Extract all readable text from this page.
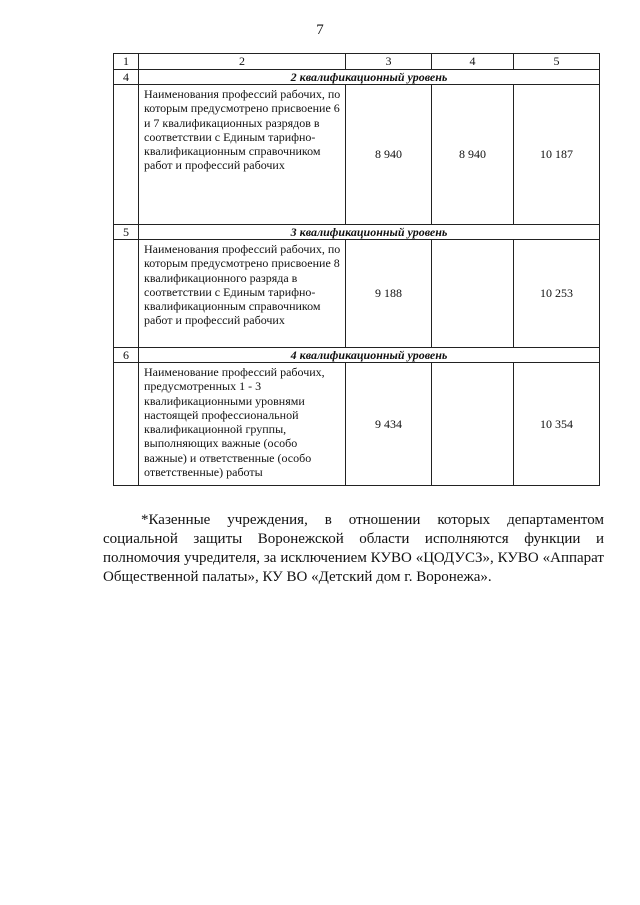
7
1	2	3	4	5
4	2 квалификационный уровень			
	Наименования профессий рабочих, по которым предусмотрено присвоение 6 и 7 квалификационных разрядов в соответствии с Единым тарифно-квалификационным справочником работ и профессий рабочих	8 940	8 940	10 187
5	3 квалификационный уровень			
	Наименования профессий рабочих, по которым предусмотрено присвоение 8 квалификационного разряда в соответствии с Единым тарифно-квалификационным справочником работ и профессий рабочих	9 188		10 253
6	4 квалификационный уровень			
	Наименование профессий рабочих, предусмотренных 1 - 3 квалификационными уровнями настоящей профессиональной квалификационной группы, выполняющих важные (особо важные) и ответственные (особо ответственные) работы	9 434		10 354

*Казенные учреждения, в отношении которых департаментом социальной защиты Воронежской области исполняются функции и полномочия учредителя, за исключением КУВО «ЦОДУСЗ», КУВО «Аппарат Общественной палаты», КУ ВО «Детский дом г. Воронежа».
